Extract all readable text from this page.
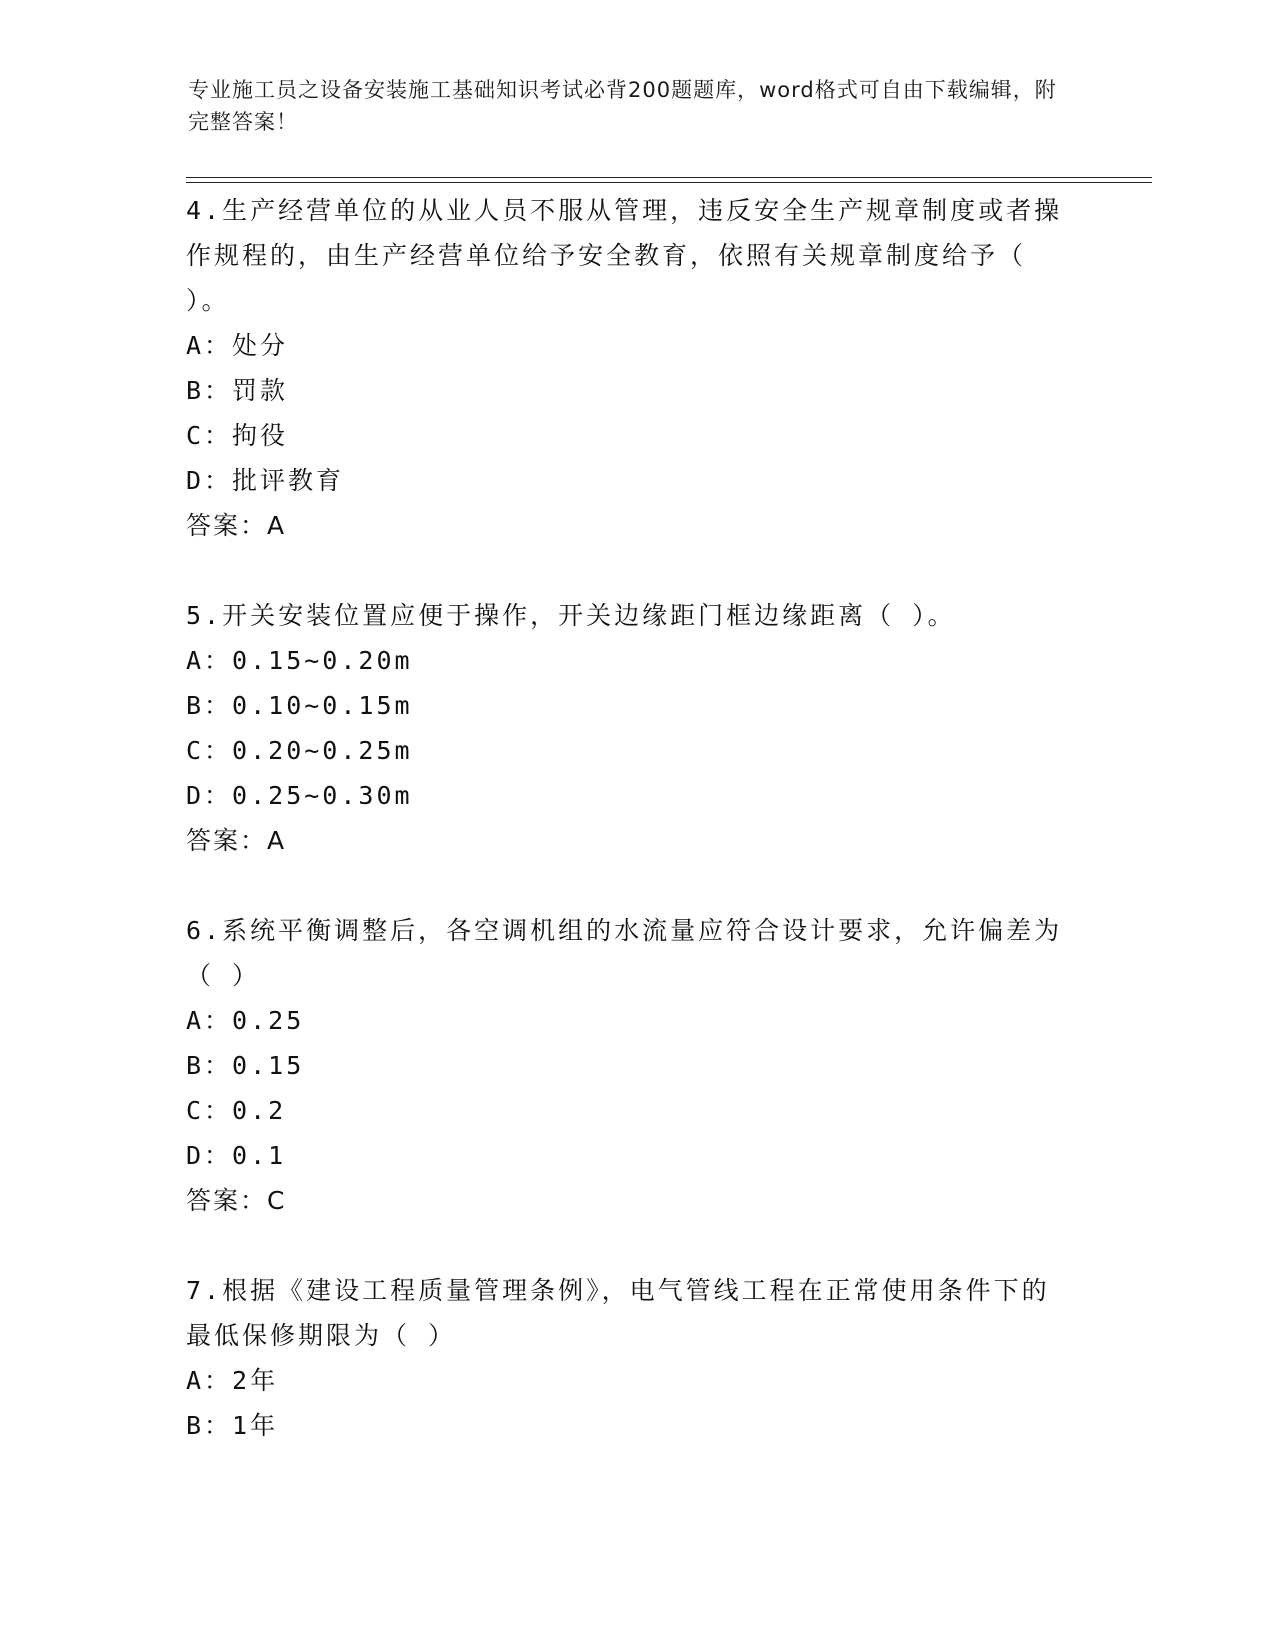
专业施工员之设备安装施工基础知识考试必背200题题库，word格式可自由下载编辑，附完整答案！

4.生产经营单位的从业人员不服从管理，违反安全生产规章制度或者操作规程的，由生产经营单位给予安全教育，依照有关规章制度给予（ ）。

A：处分

B：罚款

C：拘役

D：批评教育

答案：A

5.开关安装位置应便于操作，开关边缘距门框边缘距离（ ）。

A：0.15~0.20m

B：0.10~0.15m

C：0.20~0.25m

D：0.25~0.30m

答案：A

6.系统平衡调整后，各空调机组的水流量应符合设计要求，允许偏差为（ ）

A：0.25

B：0.15

C：0.2

D：0.1

答案：C

7.根据《建设工程质量管理条例》，电气管线工程在正常使用条件下的最低保修期限为（ ）

A：2年

B：1年
